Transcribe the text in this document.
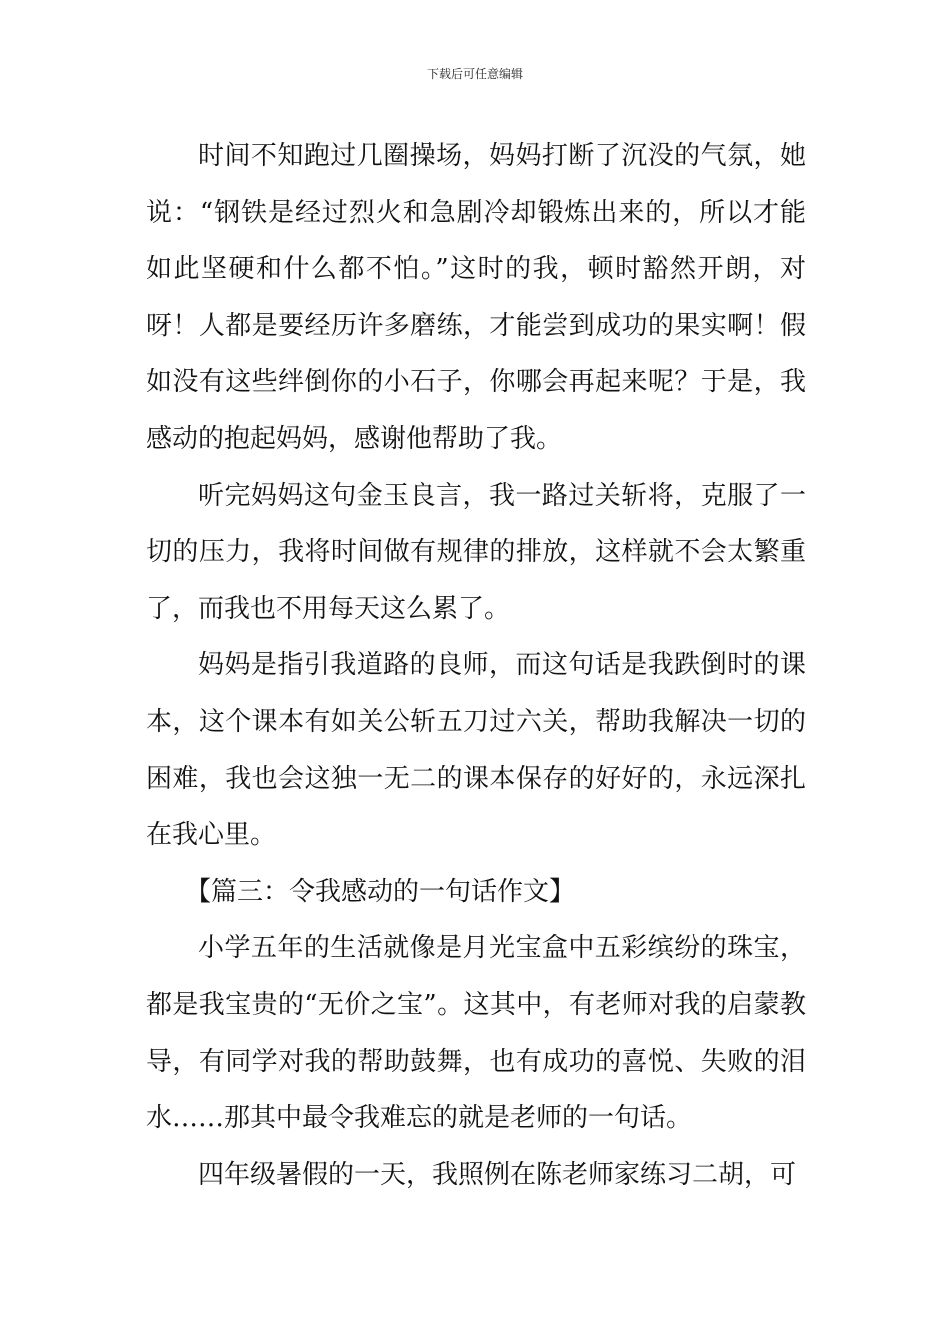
下载后可任意编辑

时间不知跑过几圈操场，妈妈打断了沉没的气氛，她说：“钢铁是经过烈火和急剧冷却锻炼出来的，所以才能如此坚硬和什么都不怕。”这时的我，顿时豁然开朗，对呀！人都是要经历许多磨练，才能尝到成功的果实啊！假如没有这些绊倒你的小石子，你哪会再起来呢？于是，我感动的抱起妈妈，感谢他帮助了我。

听完妈妈这句金玉良言，我一路过关斩将，克服了一切的压力，我将时间做有规律的排放，这样就不会太繁重了，而我也不用每天这么累了。

妈妈是指引我道路的良师，而这句话是我跌倒时的课本，这个课本有如关公斩五刀过六关，帮助我解决一切的困难，我也会这独一无二的课本保存的好好的，永远深扎在我心里。

【篇三：令我感动的一句话作文】

小学五年的生活就像是月光宝盒中五彩缤纷的珠宝，都是我宝贵的“无价之宝”。这其中，有老师对我的启蒙教导，有同学对我的帮助鼓舞，也有成功的喜悦、失败的泪水……那其中最令我难忘的就是老师的一句话。

四年级暑假的一天，我照例在陈老师家练习二胡，可
